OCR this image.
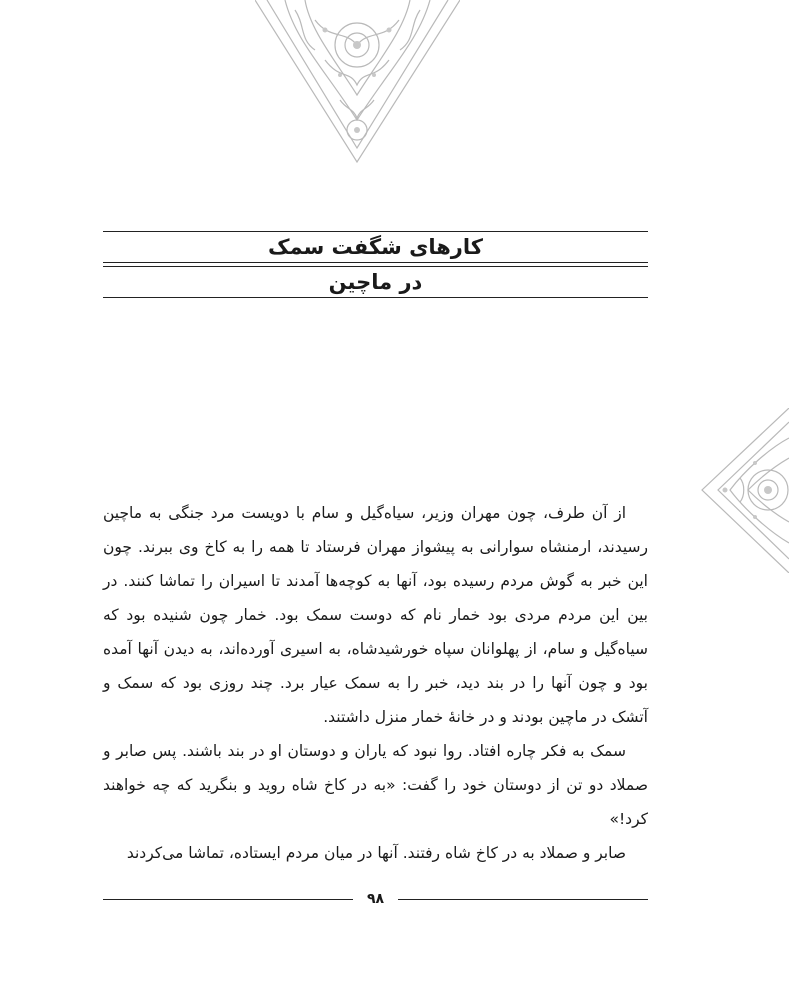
کارهای شگفت سمک
در ماچین

از آن طرف، چون مهران وزیر، سیاه‌گیل و سام با دویست مرد جنگی به ماچین رسیدند، ارمنشاه سوارانی به پیشواز مهران فرستاد تا همه را به کاخ وی ببرند. چون این خبر به گوش مردم رسیده بود، آنها به کوچه‌ها آمدند تا اسیران را تماشا کنند. در بین این مردم مردی بود خمار نام که دوست سمک بود. خمار چون شنیده بود که سیاه‌گیل و سام، از پهلوانان سپاه خورشیدشاه، به اسیری آورده‌اند، به دیدن آنها آمده بود و چون آنها را در بند دید، خبر را به سمک عیار برد. چند روزی بود که سمک و آتشک در ماچین بودند و در خانهٔ خمار منزل داشتند.

سمک به فکر چاره افتاد. روا نبود که یاران و دوستان او در بند باشند. پس صابر و صملاد دو تن از دوستان خود را گفت: «به در کاخ شاه روید و بنگرید که چه خواهند کرد!»

صابر و صملاد به در کاخ شاه رفتند. آنها در میان مردم ایستاده، تماشا می‌کردند

۹۸
